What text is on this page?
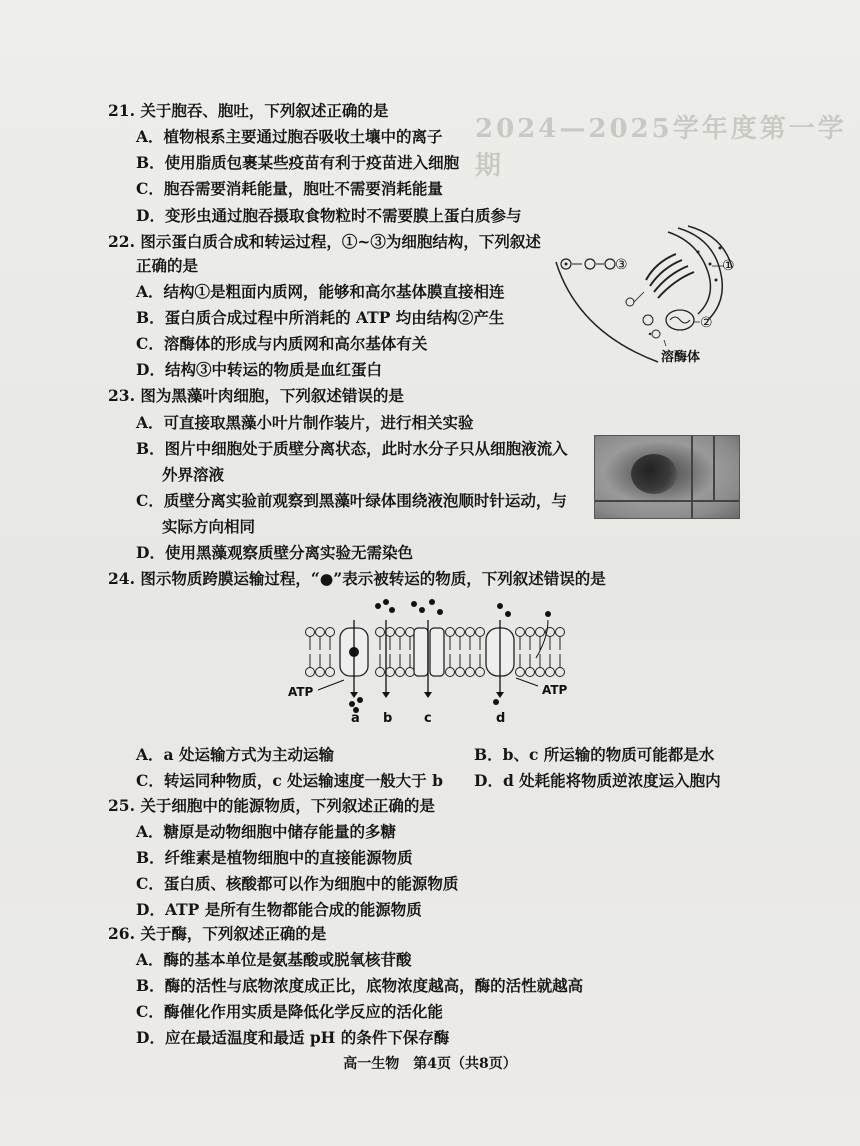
2024—2025学年度第一学期
21. 关于胞吞、胞吐，下列叙述正确的是
A．植物根系主要通过胞吞吸收土壤中的离子
B．使用脂质包裹某些疫苗有利于疫苗进入细胞
C．胞吞需要消耗能量，胞吐不需要消耗能量
D．变形虫通过胞吞摄取食物粒时不需要膜上蛋白质参与
22. 图示蛋白质合成和转运过程，①~③为细胞结构，下列叙述
正确的是
A．结构①是粗面内质网，能够和高尔基体膜直接相连
B．蛋白质合成过程中所消耗的 ATP 均由结构②产生
C．溶酶体的形成与内质网和高尔基体有关
D．结构③中转运的物质是血红蛋白
③	①
②
溶酶体
23. 图为黑藻叶肉细胞，下列叙述错误的是
A．可直接取黑藻小叶片制作装片，进行相关实验
B．图片中细胞处于质壁分离状态，此时水分子只从细胞液流入
外界溶液
C．质壁分离实验前观察到黑藻叶绿体围绕液泡顺时针运动，与
实际方向相同
D．使用黑藻观察质壁分离实验无需染色
24. 图示物质跨膜运输过程，“●”表示被转运的物质，下列叙述错误的是
ATP	ATP
a b c	d
A．a 处运输方式为主动运输	B．b、c 所运输的物质可能都是水
C．转运同种物质，c 处运输速度一般大于 b D．d 处耗能将物质逆浓度运入胞内
25. 关于细胞中的能源物质，下列叙述正确的是
A．糖原是动物细胞中储存能量的多糖
B．纤维素是植物细胞中的直接能源物质
C．蛋白质、核酸都可以作为细胞中的能源物质
D．ATP 是所有生物都能合成的能源物质
26. 关于酶，下列叙述正确的是
A．酶的基本单位是氨基酸或脱氧核苷酸
B．酶的活性与底物浓度成正比，底物浓度越高，酶的活性就越高
C．酶催化作用实质是降低化学反应的活化能
D．应在最适温度和最适 pH 的条件下保存酶
高一生物　第4页（共8页）
